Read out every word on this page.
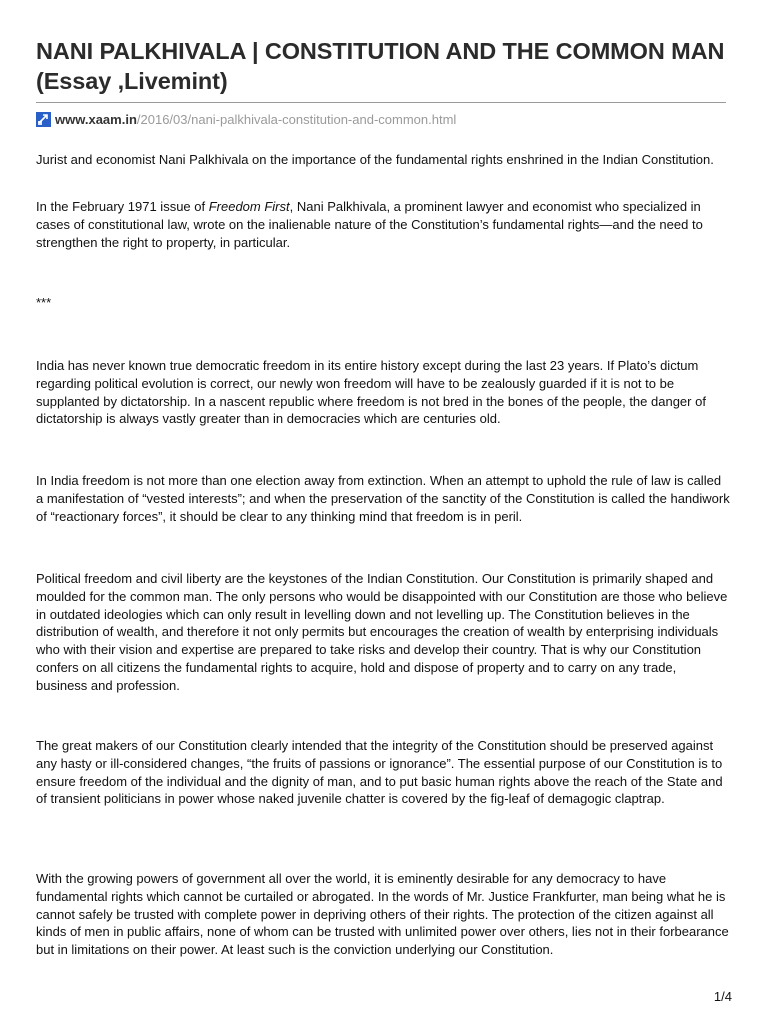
NANI PALKHIVALA | CONSTITUTION AND THE COMMON MAN (Essay ,Livemint)
www.xaam.in/2016/03/nani-palkhivala-constitution-and-common.html

Jurist and economist Nani Palkhivala on the importance of the fundamental rights enshrined in the Indian Constitution.

In the February 1971 issue of Freedom First, Nani Palkhivala, a prominent lawyer and economist who specialized in cases of constitutional law, wrote on the inalienable nature of the Constitution’s fundamental rights—and the need to strengthen the right to property, in particular.

***

India has never known true democratic freedom in its entire history except during the last 23 years. If Plato’s dictum regarding political evolution is correct, our newly won freedom will have to be zealously guarded if it is not to be supplanted by dictatorship. In a nascent republic where freedom is not bred in the bones of the people, the danger of dictatorship is always vastly greater than in democracies which are centuries old.

In India freedom is not more than one election away from extinction. When an attempt to uphold the rule of law is called a manifestation of “vested interests”; and when the preservation of the sanctity of the Constitution is called the handiwork of “reactionary forces”, it should be clear to any thinking mind that freedom is in peril.

Political freedom and civil liberty are the keystones of the Indian Constitution. Our Constitution is primarily shaped and moulded for the common man. The only persons who would be disappointed with our Constitution are those who believe in outdated ideologies which can only result in levelling down and not levelling up. The Constitution believes in the distribution of wealth, and therefore it not only permits but encourages the creation of wealth by enterprising individuals who with their vision and expertise are prepared to take risks and develop their country. That is why our Constitution confers on all citizens the fundamental rights to acquire, hold and dispose of property and to carry on any trade, business and profession.

The great makers of our Constitution clearly intended that the integrity of the Constitution should be preserved against any hasty or ill-considered changes, “the fruits of passions or ignorance”. The essential purpose of our Constitution is to ensure freedom of the individual and the dignity of man, and to put basic human rights above the reach of the State and of transient politicians in power whose naked juvenile chatter is covered by the fig-leaf of demagogic claptrap.

With the growing powers of government all over the world, it is eminently desirable for any democracy to have fundamental rights which cannot be curtailed or abrogated. In the words of Mr. Justice Frankfurter, man being what he is cannot safely be trusted with complete power in depriving others of their rights. The protection of the citizen against all kinds of men in public affairs, none of whom can be trusted with unlimited power over others, lies not in their forbearance but in limitations on their power. At least such is the conviction underlying our Constitution.

1/4
